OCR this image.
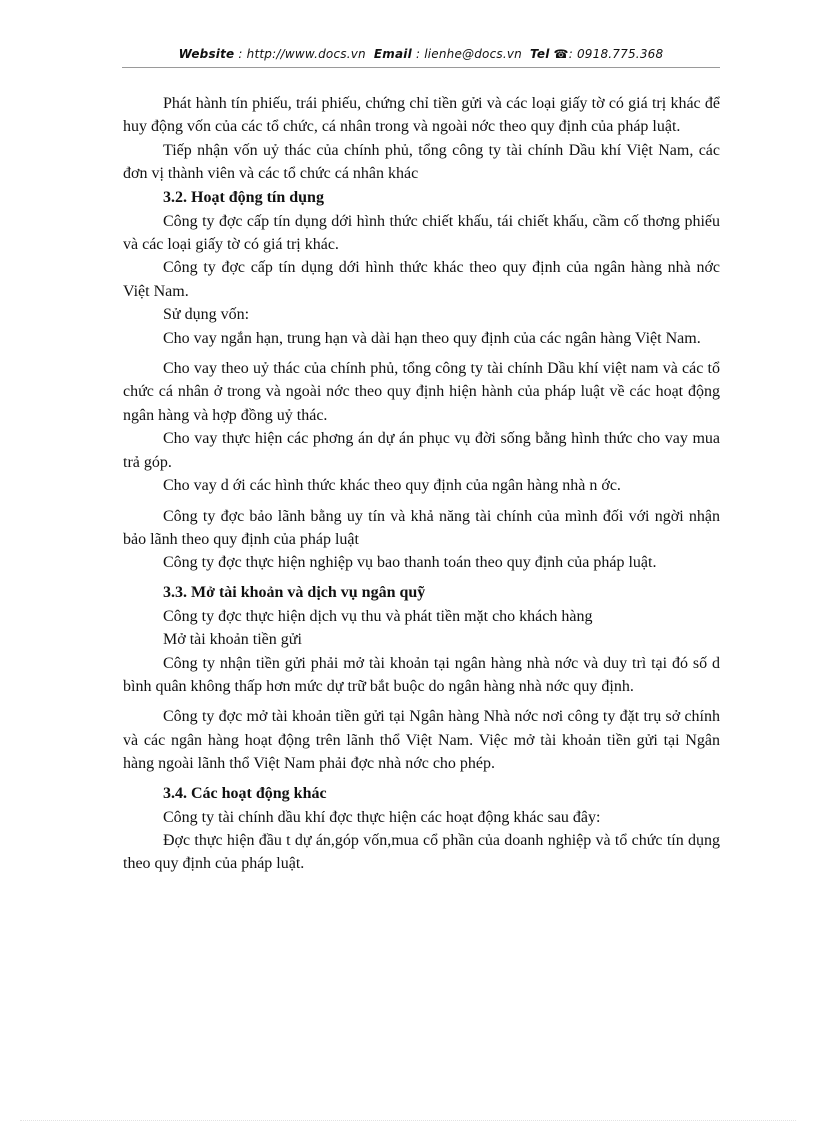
Website : http://www.docs.vn Email : lienhe@docs.vn Tel ☎: 0918.775.368

Phát hành tín phiếu, trái phiếu, chứng chỉ tiền gửi và các loại giấy tờ có giá trị khác để huy động vốn của các tổ chức, cá nhân trong và ngoài nớc theo quy định của pháp luật.

Tiếp nhận vốn uỷ thác của chính phủ, tổng công ty tài chính Dầu khí Việt Nam, các đơn vị thành viên và các tổ chức cá nhân khác

3.2. Hoạt động tín dụng

Công ty đợc cấp tín dụng dới hình thức chiết khấu, tái chiết khấu, cầm cố thơng phiếu và các loại giấy tờ có giá trị khác.

Công ty đợc cấp tín dụng dới hình thức khác theo quy định của ngân hàng nhà nớc Việt Nam.

Sử dụng vốn:

Cho vay ngắn hạn, trung hạn và dài hạn theo quy định của các ngân hàng Việt Nam.

Cho vay theo uỷ thác của chính phủ, tổng công ty tài chính Dầu khí việt nam và các tổ chức cá nhân ở trong và ngoài nớc theo quy định hiện hành của pháp luật về các hoạt động ngân hàng và hợp đồng uỷ thác.

Cho vay thực hiện các phơng án dự án phục vụ đời sống bằng hình thức cho vay mua trả góp.

Cho vay d ới các hình thức khác theo quy định của ngân hàng nhà n ớc.

Công ty đợc bảo lãnh bằng uy tín và khả năng tài chính của mình đối với ngời nhận bảo lãnh theo quy định của pháp luật

Công ty đợc thực hiện nghiệp vụ bao thanh toán theo quy định của pháp luật.

3.3. Mở tài khoản và dịch vụ ngân quỹ

Công ty đợc thực hiện dịch vụ thu và phát tiền mặt cho khách hàng

Mở tài khoản tiền gửi

Công ty nhận tiền gửi phải mở tài khoản tại ngân hàng nhà nớc và duy trì tại đó số d bình quân không thấp hơn mức dự trữ bắt buộc do ngân hàng nhà nớc quy định.

Công ty đợc mở tài khoản tiền gửi tại Ngân hàng Nhà nớc nơi công ty đặt trụ sở chính và các ngân hàng hoạt động trên lãnh thổ Việt Nam. Việc mở tài khoản tiền gửi tại Ngân hàng ngoài lãnh thổ Việt Nam phải đợc nhà nớc cho phép.

3.4. Các hoạt động khác

Công ty tài chính dầu khí đợc thực hiện các hoạt động khác sau đây:

Đợc thực hiện đầu t dự án,góp vốn,mua cổ phần của doanh nghiệp và tổ chức tín dụng theo quy định của pháp luật.
